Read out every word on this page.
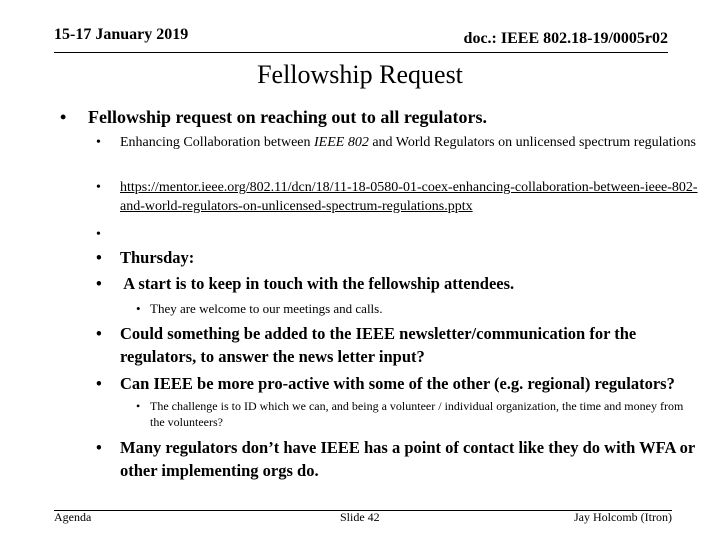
15-17 January 2019	doc.: IEEE 802.18-19/0005r02
Fellowship Request
• Fellowship request on reaching out to all regulators.
• Enhancing Collaboration between IEEE 802 and World Regulators on unlicensed spectrum regulations
• https://mentor.ieee.org/802.11/dcn/18/11-18-0580-01-coex-enhancing-collaboration-between-ieee-802-and-world-regulators-on-unlicensed-spectrum-regulations.pptx
•
• Thursday:
• A start is to keep in touch with the fellowship attendees.
• They are welcome to our meetings and calls.
• Could something be added to the IEEE newsletter/communication for the regulators, to answer the news letter input?
• Can IEEE be more pro-active with some of the other (e.g. regional) regulators?
• The challenge is to ID which we can, and being a volunteer / individual organization, the time and money from the volunteers?
• Many regulators don’t have IEEE has a point of contact like they do with WFA or other implementing orgs do.
Agenda	Slide 42	Jay Holcomb (Itron)
